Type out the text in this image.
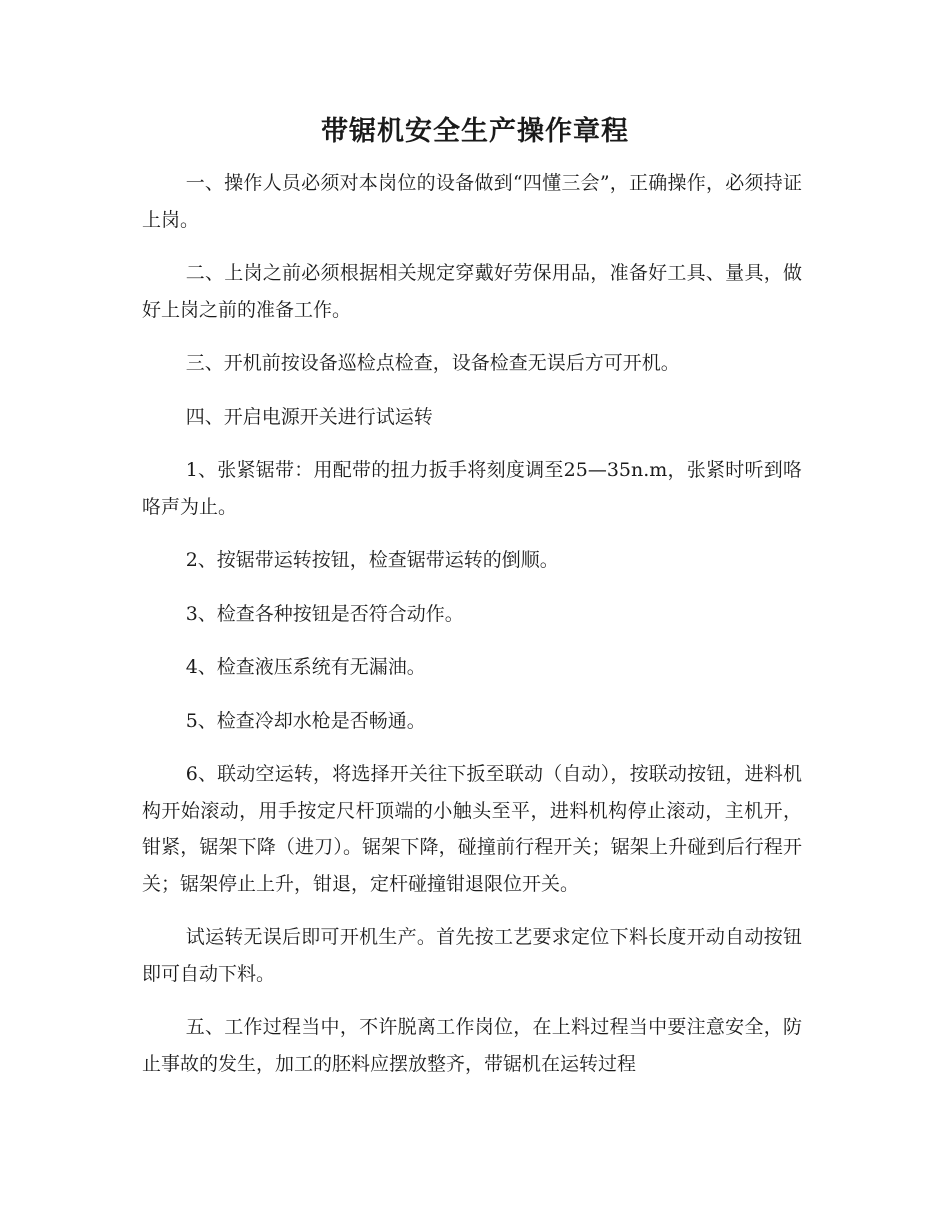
带锯机安全生产操作章程

一、操作人员必须对本岗位的设备做到“四懂三会”，正确操作，必须持证上岗。

二、上岗之前必须根据相关规定穿戴好劳保用品，准备好工具、量具，做好上岗之前的准备工作。

三、开机前按设备巡检点检查，设备检查无误后方可开机。

四、开启电源开关进行试运转

1、张紧锯带：用配带的扭力扳手将刻度调至25—35n.m，张紧时听到咯咯声为止。

2、按锯带运转按钮，检查锯带运转的倒顺。

3、检查各种按钮是否符合动作。

4、检查液压系统有无漏油。

5、检查冷却水枪是否畅通。

6、联动空运转，将选择开关往下扳至联动（自动），按联动按钮，进料机构开始滚动，用手按定尺杆顶端的小触头至平，进料机构停止滚动，主机开，钳紧，锯架下降（进刀）。锯架下降，碰撞前行程开关；锯架上升碰到后行程开关；锯架停止上升，钳退，定杆碰撞钳退限位开关。

试运转无误后即可开机生产。首先按工艺要求定位下料长度开动自动按钮即可自动下料。

五、工作过程当中，不许脱离工作岗位，在上料过程当中要注意安全，防止事故的发生，加工的胚料应摆放整齐，带锯机在运转过程
